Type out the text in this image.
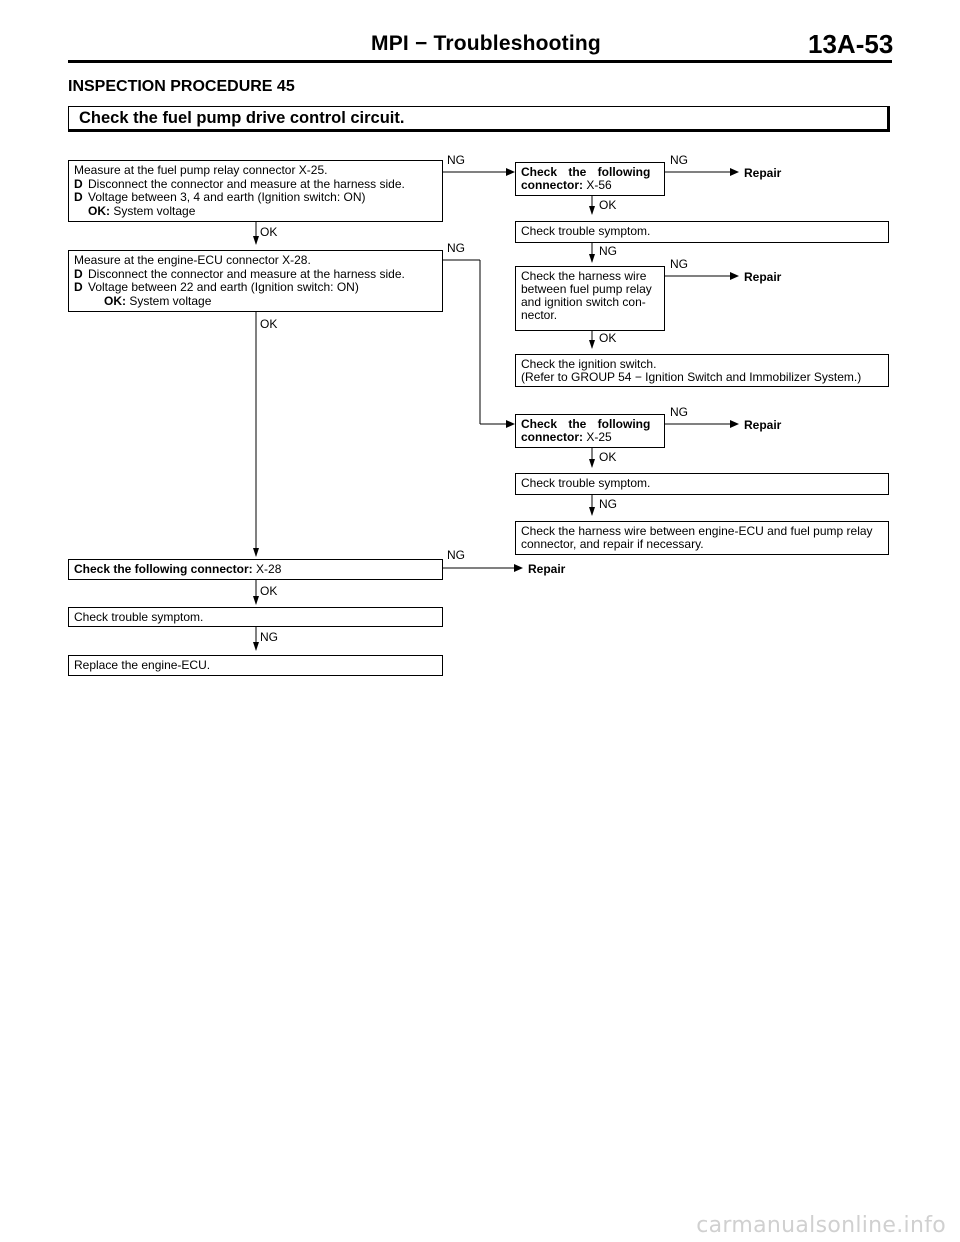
MPI − Troubleshooting	13A-53
INSPECTION PROCEDURE 45
Check the fuel pump drive control circuit.
Measure at the fuel pump relay connector X-25.
D Disconnect the connector and measure at the harness side.
D Voltage between 3, 4 and earth (Ignition switch: ON)
OK: System voltage
Measure at the engine-ECU connector X-28.
D Disconnect the connector and measure at the harness side.
D Voltage between 22 and earth (Ignition switch: ON)
OK: System voltage
Check the following
connector: X-56
Check trouble symptom.
Check the harness wire
between fuel pump relay
and ignition switch con-
nector.
Check the ignition switch.
(Refer to GROUP 54 − Ignition Switch and Immobilizer System.)
Check the following
connector: X-25
Check trouble symptom.
Check the harness wire between engine-ECU and fuel pump relay
connector, and repair if necessary.
Check the following connector: X-28
Check trouble symptom.
Replace the engine-ECU.
NG
NG
NG
NG
NG
NG
NG
NG
NG
OK
OK
OK
OK
OK
OK
Repair
Repair
Repair
Repair
carmanualsonline.info
